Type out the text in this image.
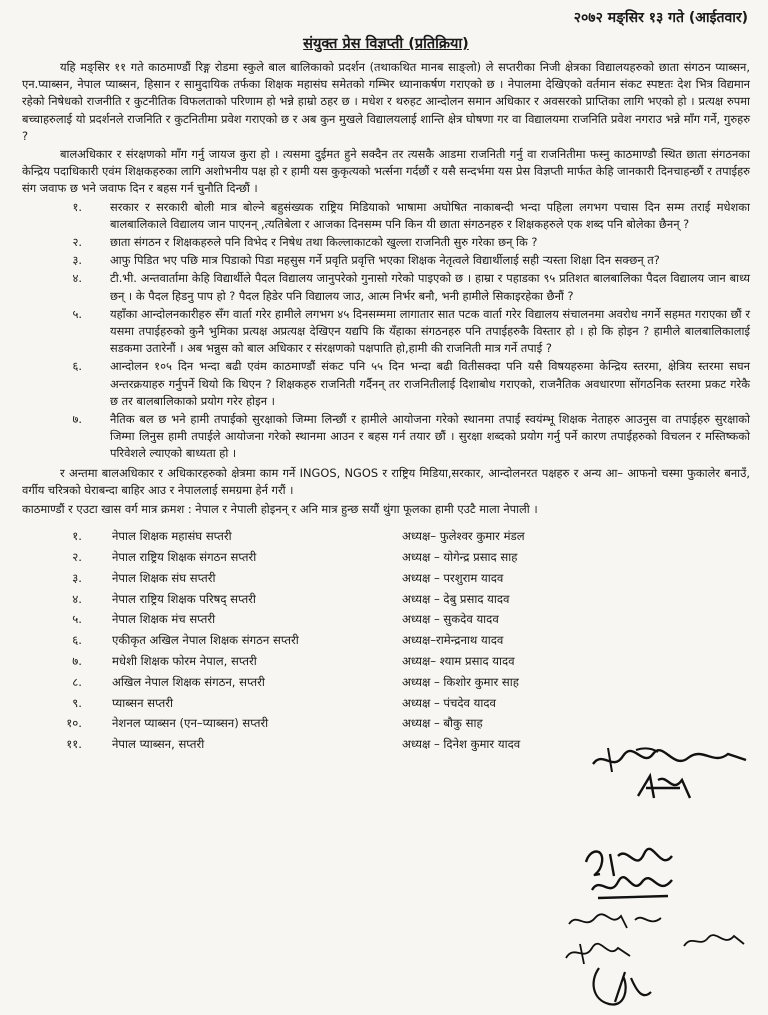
२०७२ मङ्सिर १३ गते (आईतवार)
संयुक्त प्रेस विज्ञप्ती (प्रतिक्रिया)

यहि मङ्सिर ११ गते काठमाण्डौं रिङ्ग रोडमा स्कुले बाल बालिकाको प्रदर्शन (तथाकथित मानब साङ्लो) ले सप्तरीका निजी क्षेत्रका विद्यालयहरुको छाता संगठन प्याब्सन, एन.प्याब्सन, नेपाल प्याब्सन, हिसान र सामुदायिक तर्फका शिक्षक महासंघ समेतको गम्भिर ध्यानाकर्षण गराएको छ । नेपालमा देखिएको वर्तमान संकट स्पष्टतः देश भित्र विद्यमान रहेको निषेधको राजनीति र कुटनीतिक विफलताको परिणाम हो भन्ने हाम्रो ठहर छ । मधेश र थरुहट आन्दोलन समान अधिकार र अवसरको प्राप्तिका लागि भएको हो । प्रत्यक्ष रुपमा बच्चाहरुलाई यो प्रदर्शनले राजनिति र कुटनितीमा प्रवेश गराएको छ र अब कुन मुखले विद्यालयलाई शान्ति क्षेत्र घोषणा गर वा विद्यालयमा राजनिति प्रवेश नगराउ भन्ने माँग गर्ने, गुरुहरु ?

बालअधिकार र संरक्षणको माँग गर्नु जायज कुरा हो । त्यसमा दुईमत हुने सक्दैन तर त्यसकै आडमा राजनिती गर्नु वा राजनितीमा फस्नु काठमाण्डौ स्थित छाता संगठनका केन्द्रिय पदाधिकारी एवंम शिक्षकहरुका लागि अशोभनीय पक्ष हो र हामी यस कुकृत्यको भर्त्सना गर्दछौं र यसै सन्दर्भमा यस प्रेस विज्ञप्ती मार्फत केहि जानकारी दिनचाहन्छौं र तपाईहरु संग जवाफ छ भने जवाफ दिन र बहस गर्न चुनौति दिन्छौं ।

१.	सरकार र सरकारी बोली मात्र बोल्ने बहुसंख्यक राष्ट्रिय मिडियाको भाषामा अघोषित नाकाबन्दी भन्दा पहिला लगभग पचास दिन सम्म तराई मधेशका बालबालिकाले विद्यालय जान पाएनन् ,त्यतिबेला र आजका दिनसम्म पनि किन यी छाता संगठनहरु र शिक्षकहरुले एक शब्द पनि बोलेका छैनन् ?
२.	छाता संगठन र शिक्षकहरुले पनि विभेद र निषेध तथा किल्लाकाटको खुल्ला राजनिती सुरु गरेका छन् कि ?
३.	आफु पिडित भए पछि मात्र पिडाको पिडा महसुस गर्ने प्रवृति प्रवृत्ति भएका शिक्षक नेतृत्वले विद्यार्थीलाई सही र्‍यस्ता शिक्षा दिन सक्छन् त?
४.	टी.भी. अन्तवार्तामा केहि विद्यार्थीले पैदल विद्यालय जानुपरेको गुनासो गरेको पाइएको छ । हाम्रा र पहाडका ९५ प्रतिशत बालबालिका पैदल विद्यालय जान बाध्य छन् । के पैदल हिडनु पाप हो ? पैदल हिडेर पनि विद्यालय जाउ, आत्म निर्भर बनौ, भनी हामीले सिकाइरहेका छैनौं ?
५.	यहाँका आन्दोलनकारीहरु सँग वार्ता गरेर हामीले लगभग ४५ दिनसम्ममा लागातार सात पटक वार्ता गरेर विद्यालय संचालनमा अवरोध नगर्ने सहमत गराएका छौं र यसमा तपाईहरुको कुनै भुमिका प्रत्यक्ष अप्रत्यक्ष देखिएन यद्यपि कि यँहाका संगठनहरु पनि तपाईहरुकै विस्तार हो । हो कि होइन ? हामीले बालबालिकालाई सडकमा उतारेनौं । अब भन्नुस को बाल अधिकार र संरक्षणको पक्षपाति हो,हामी की राजनिती मात्र गर्ने तपाई ?
६.	आन्दोलन १०५ दिन भन्दा बढी एवंम काठमाण्डौं संकट पनि ५५ दिन भन्दा बढी वितीसक्दा पनि यसै विषयहरुमा केन्द्रिय स्तरमा, क्षेत्रिय स्तरमा सघन अन्तरक्रयाहरु गर्नुपर्ने थियो कि थिएन ? शिक्षकहरु राजनिती गर्दैनन् तर राजनितीलाई दिशाबोध गराएको, राजनैतिक अवधारणा सोंगठनिक स्तरमा प्रकट गरेकै छ तर बालबालिकाको प्रयोग गरेर होइन ।
७.	नैतिक बल छ भने हामी तपाईको सुरक्षाको जिम्मा लिन्छौं र हामीले आयोजना गरेको स्थानमा तपाई स्वयंम्भू शिक्षक नेताहरु आउनुस वा तपाईहरु सुरक्षाको जिम्मा लिनुस हामी तपाईले आयोजना गरेको स्थानमा आउन र बहस गर्न तयार छौं । सुरक्षा शब्दको प्रयोग गर्नु पर्ने कारण तपाईहरुको विचलन र मस्तिष्कको परिवेशले ल्याएको बाध्यता हो ।

र अन्तमा बालअधिकार र अधिकारहरुको क्षेत्रमा काम गर्ने INGOS, NGOS र राष्ट्रिय मिडिया,सरकार, आन्दोलनरत पक्षहरु र अन्य आ– आफनो चस्मा फुकालेर बनाउँ, वर्गीय चरित्रको घेराबन्दा बाहिर आउ र नेपाललाई समग्रमा हेर्न गरौं ।

काठमाण्डौं र एउटा खास वर्ग मात्र क्रमश : नेपाल र नेपाली होइनन् र अनि मात्र हुन्छ सयौं थुंगा फूलका हामी एउटै माला नेपाली ।

१.	नेपाल शिक्षक महासंघ सप्तरी	अध्यक्ष– फुलेश्वर कुमार मंडल
२.	नेपाल राष्ट्रिय शिक्षक संगठन सप्तरी	अध्यक्ष – योगेन्द्र प्रसाद साह
३.	नेपाल शिक्षक संघ सप्तरी	अध्यक्ष – परशुराम यादव
४.	नेपाल राष्ट्रिय शिक्षक परिषद् सप्तरी	अध्यक्ष – देबु प्रसाद यादव
५.	नेपाल शिक्षक मंच सप्तरी	अध्यक्ष – सुकदेव यादव
६.	एकीकृत अखिल नेपाल शिक्षक संगठन सप्तरी	अध्यक्ष–रामेन्द्रनाथ यादव
७.	मधेशी शिक्षक फोरम नेपाल, सप्तरी	अध्यक्ष– श्याम प्रसाद यादव
८.	अखिल नेपाल शिक्षक संगठन, सप्तरी	अध्यक्ष – किशोर कुमार साह
९.	प्याब्सन सप्तरी	अध्यक्ष – पंचदेव यादव
१०.	नेशनल प्याब्सन (एन–प्याब्सन) सप्तरी	अध्यक्ष – बौकु साह
११.	नेपाल प्याब्सन, सप्तरी	अध्यक्ष – दिनेश कुमार यादव
